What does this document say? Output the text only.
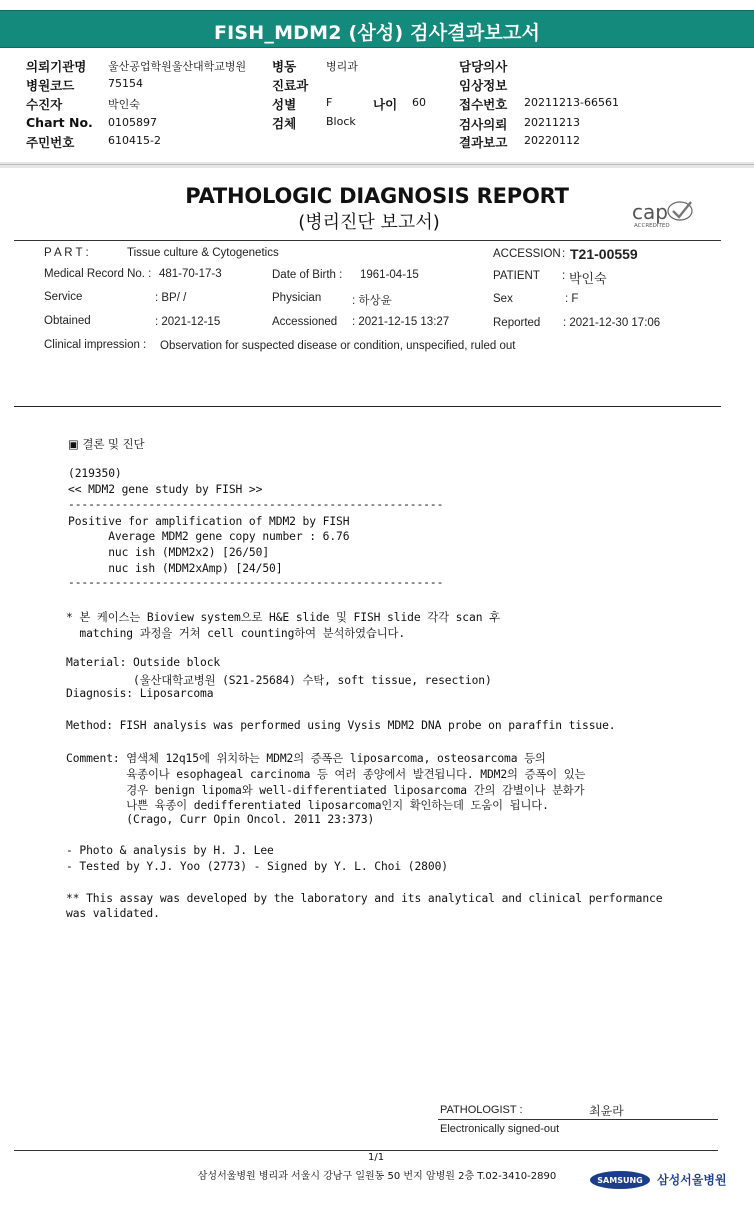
FISH_MDM2 (삼성) 검사결과보고서
의뢰기관명 울산공업학원울산대학교병원 병동	병리과	담당의사
병원코드	75154	진료과	임상정보
수진자	박인숙	성별	F	나이 60	접수번호 20211213-66561
Chart No. 0105897	검체	Block	검사의뢰 20211213
주민번호	610415-2	결과보고 20220112
PATHOLOGIC DIAGNOSIS REPORT
(병리진단 보고서)	cap
ACCREDITED
P A R T :	Tissue culture & Cytogenetics	ACCESSION : T21-00559
Medical Record No. : 481-70-17-3	Date of Birth : 1961-04-15	PATIENT : 박인숙
Service	: BP/ /	Physician	: 하상윤	Sex	: F
Obtained	: 2021-12-15	Accessioned : 2021-12-15 13:27	Reported : 2021-12-30 17:06
Clinical impression : Observation for suspected disease or condition, unspecified, ruled out
▣ 결론 및 진단
(219350)
<< MDM2 gene study by FISH >>
--------------------------------------------------------
Positive for amplification of MDM2 by FISH
Average MDM2 gene copy number : 6.76
nuc ish (MDM2x2) [26/50]
nuc ish (MDM2xAmp) [24/50]
--------------------------------------------------------
* 본 케이스는 Bioview system으로 H&E slide 및 FISH slide 각각 scan 후
matching 과정을 거쳐 cell counting하여 분석하였습니다.
Material: Outside block
(울산대학교병원 (S21-25684) 수탁, soft tissue, resection)
Diagnosis: Liposarcoma
Method: FISH analysis was performed using Vysis MDM2 DNA probe on paraffin tissue.
Comment: 염색체 12q15에 위치하는 MDM2의 증폭은 liposarcoma, osteosarcoma 등의
육종이나 esophageal carcinoma 등 여러 종양에서 발견됩니다. MDM2의 증폭이 있는
경우 benign lipoma와 well-differentiated liposarcoma 간의 감별이나 분화가
나쁜 육종이 dedifferentiated liposarcoma인지 확인하는데 도움이 됩니다.
(Crago, Curr Opin Oncol. 2011 23:373)
- Photo & analysis by H. J. Lee
- Tested by Y.J. Yoo (2773) - Signed by Y. L. Choi (2800)
** This assay was developed by the laboratory and its analytical and clinical performance
was validated.
PATHOLOGIST :	최윤라
Electronically signed-out
1/1
삼성서울병원 병리과 서울시 강남구 일원동 50 번지 암병원 2층 T.02-3410-2890	SAMSUNG 삼성서울병원
